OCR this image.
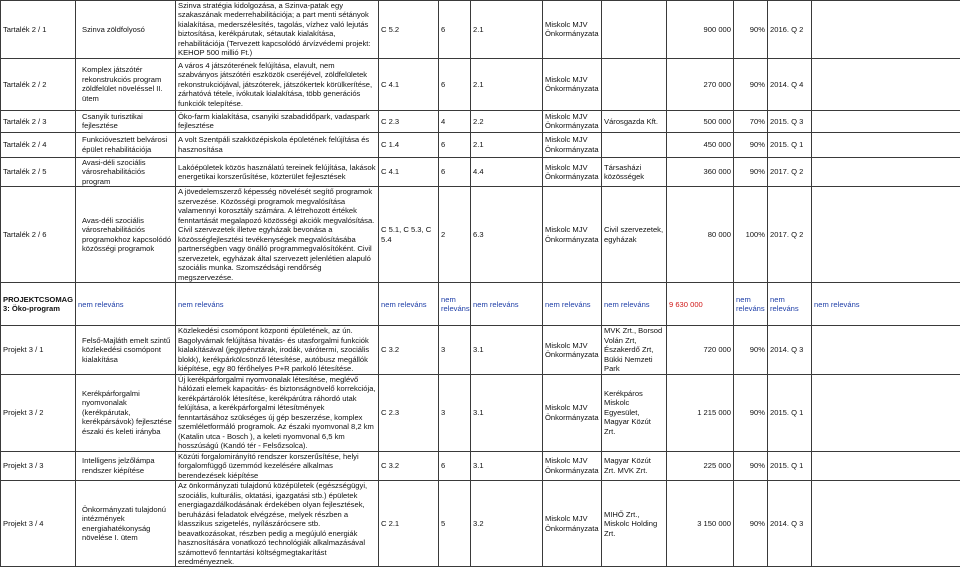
Tartalék 2 / 1	Szinva zöldfolyosó	Szinva stratégia kidolgozása, a Szinva-patak egy szakaszának mederrehabilitációja; a part menti sétányok kialakítása, mederszélesítés, tagolás, vízhez való lejutás biztosítása, kerékpárutak, sétautak kialakítása, rehabilitációja (Tervezett kapcsolódó árvízvédemi projekt: KEHOP 500 millió Ft.)	C 5.2	6	2.1	Miskolc MJV Önkormányzata		900 000	90%	2016. Q 2	
Tartalék 2 / 2	Komplex játszótér rekonstrukciós program zöldfelület növeléssel II. ütem	A város 4 játszóterének felújítása, elavult, nem szabványos játszótéri eszközök cseréjével, zöldfelületek rekonstrukciójával, játszóterek, játszókertek körülkerítése, zárhatóvá tétele, ivókutak kialakítása, több generációs funkciók telepítése.	C 4.1	6	2.1	Miskolc MJV Önkormányzata		270 000	90%	2014. Q 4	
Tartalék 2 / 3	Csanyik turisztikai fejlesztése	Öko-farm kialakítása, csanyiki szabadidőpark, vadaspark fejlesztése	C 2.3	4	2.2	Miskolc MJV Önkormányzata	Városgazda Kft.	500 000	70%	2015. Q 3	
Tartalék 2 / 4	Funkcióvesztett belvárosi épület rehabilitációja	A volt Szentpáli szakközépiskola épületének felújítása és hasznosítása	C 1.4	6	2.1	Miskolc MJV Önkormányzata		450 000	90%	2015. Q 1	
Tartalék 2 / 5	Avasi-déli szociális városrehabilitációs program	Lakóépületek közös használatú tereinek felújítása, lakások energetikai korszerűsítése, közterület fejlesztések	C 4.1	6	4.4	Miskolc MJV Önkormányzata	Társasházi közösségek	360 000	90%	2017. Q 2	
Tartalék 2 / 6	Avas-déli szociális városrehabilitációs programokhoz kapcsolódó közösségi programok	A jövedelemszerző képesség növelését segítő programok szervezése. Közösségi programok megvalósítása valamennyi korosztály számára. A létrehozott értékek fenntartását megalapozó közösségi akciók megvalósítása. Civil szervezetek illetve egyházak bevonása a közösségfejlesztési tevékenységek megvalósításába partnerségben vagy önálló programmegvalósítóként. Civil szervezetek, egyházak által szervezett jelenlétien alapuló szociális munka. Szomszédsági rendőrség megszervezése.	C 5.1, C 5.3, C 5.4	2	6.3	Miskolc MJV Önkormányzata	Civil szervezetek, egyházak	80 000	100%	2017. Q 2	
PROJEKTCSOMAG 3: Öko-program	nem releváns	nem releváns	nem releváns	nem releváns	nem releváns	nem releváns	nem releváns	9 630 000	nem releváns	nem releváns	nem releváns
Projekt 3 / 1	Felső-Majláth emelt szintű közlekedési csomópont kialakítása	Közlekedési csomópont központi épületének, az ún. Bagolyvárnak felújítása hivatás- és utasforgalmi funkciók kialakításával (jegypénztárak, irodák, várótermi, szociális blokk), kerékpárkölcsönző létesítése, autóbusz megállók kiépítése, egy 80 férőhelyes P+R parkoló létesítése.	C 3.2	3	3.1	Miskolc MJV Önkormányzata	MVK Zrt., Borsod Volán Zrt, Északerdő Zrt, Bükki Nemzeti Park	720 000	90%	2014. Q 3	
Projekt 3 / 2	Kerékpárforgalmi nyomvonalak (kerékpárutak, kerékpársávok) fejlesztése északi és keleti irányba	Új kerékpárforgalmi nyomvonalak létesítése, meglévő hálózati elemek kapacitás- és biztonságnövelő korrekciója, kerékpártárolók létesítése, kerékpárútra ráhordó utak felújítása, a kerékpárforgalmi létesítmények fenntartásához szükséges új gép beszerzése, komplex szemléletformáló programok. Az északi nyomvonal 8,2 km (Katalin utca - Bosch ), a keleti nyomvonal 6,5 km hosszúságú (Kandó tér - Felsőzsolca).	C 2.3	3	3.1	Miskolc MJV Önkormányzata	Kerékpáros Miskolc Egyesület, Magyar Közút Zrt.	1 215 000	90%	2015. Q 1	
Projekt 3 / 3	Intelligens jelzőlámpa rendszer kiépítése	Közúti forgalomirányító rendszer korszerűsítése, helyi forgalomfüggő üzemmód kezelésére alkalmas berendezések kiépítése	C 3.2	6	3.1	Miskolc MJV Önkormányzata	Magyar Közút Zrt. MVK Zrt.	225 000	90%	2015. Q 1	
Projekt 3 / 4	Önkormányzati tulajdonú intézmények energiahatékonyság növelése I. ütem	Az önkormányzati tulajdonú középületek (egészségügyi, szociális, kulturális, oktatási, igazgatási stb.) épületek energiagazdálkodásának érdekében olyan fejlesztések, beruházási feladatok elvégzése, melyek részben a klasszikus szigetelés, nyílászárócsere stb. beavatkozásokat, részben pedig a megújuló energiák hasznosítására vonatkozó technológiák alkalmazásával számottevő fenntartási költségmegtakarítást eredményeznek.	C 2.1	5	3.2	Miskolc MJV Önkormányzata	MIHŐ Zrt., Miskolc Holding Zrt.	3 150 000	90%	2014. Q 3	
